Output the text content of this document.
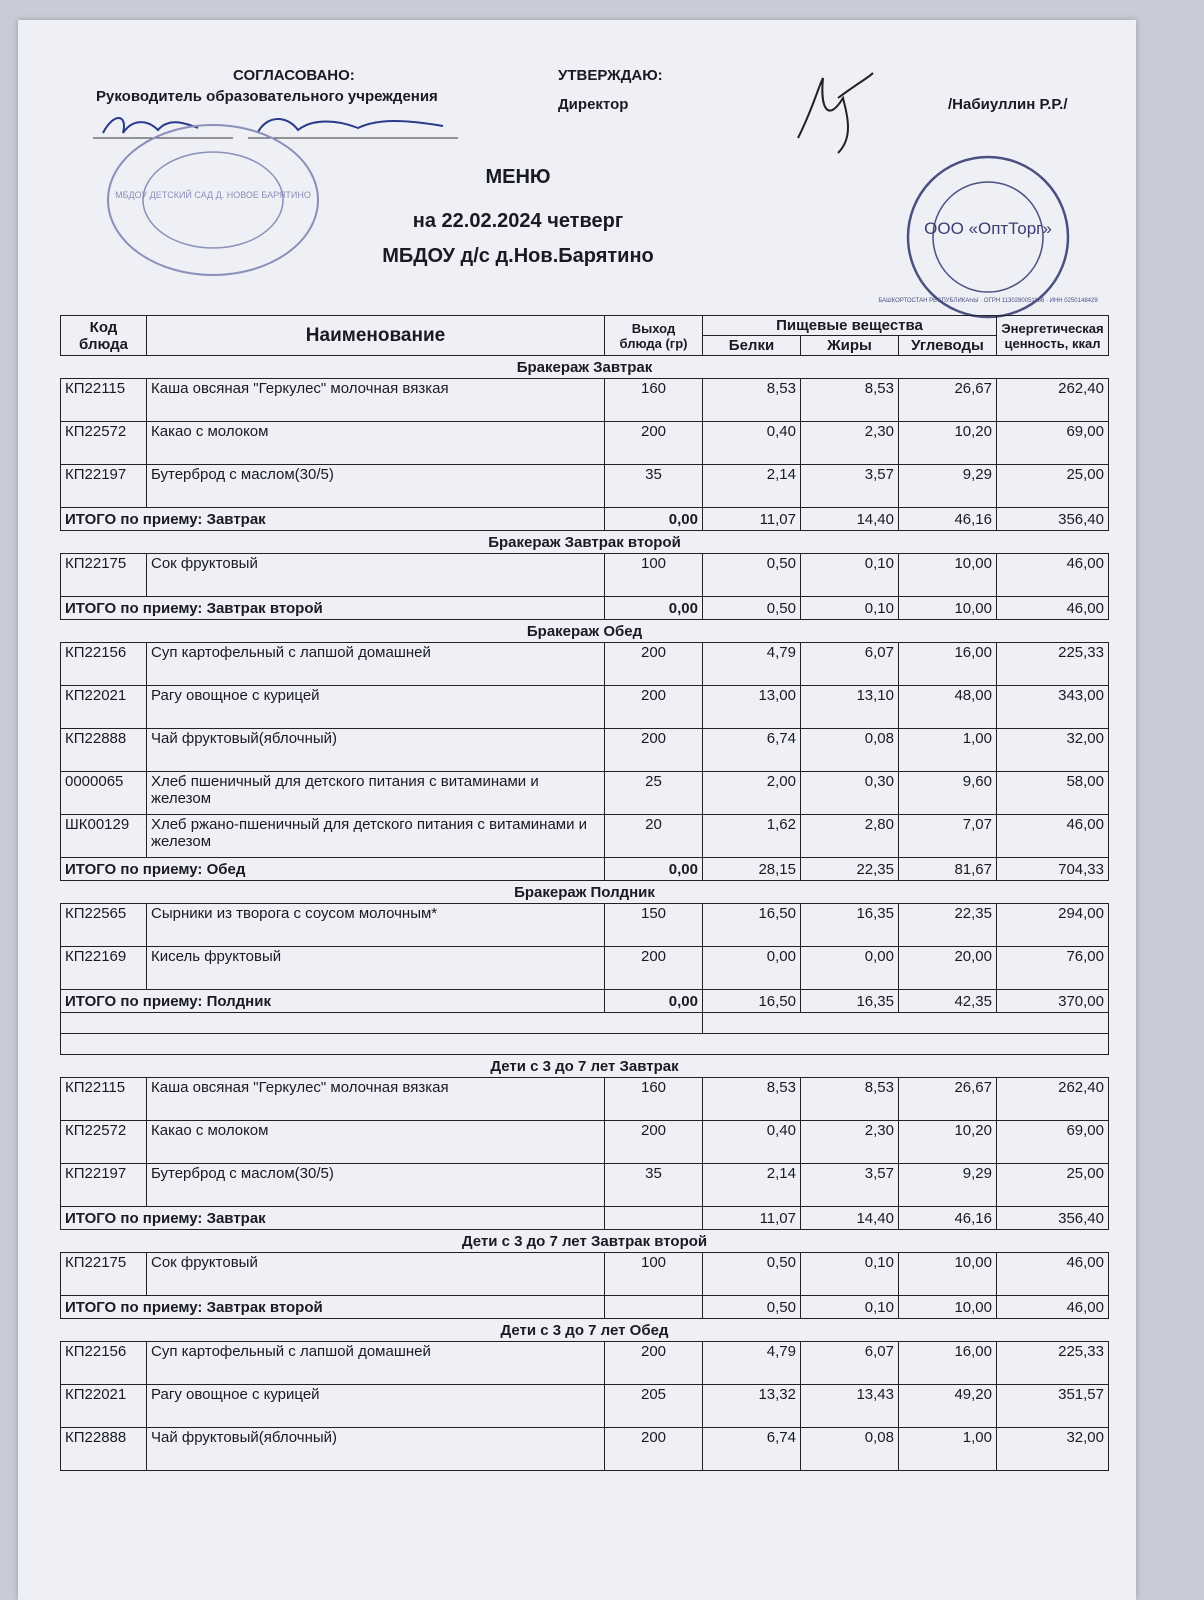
СОГЛАСОВАНО:
Руководитель образовательного учреждения
УТВЕРЖДАЮ:
Директор	/Набиуллин Р.Р./
МБДОУ ДЕТСКИЙ САД Д. НОВОЕ БАРЯТИНО
ООО «ОптТорг»
БАШКОРТОСТАН РЕСПУБЛИКАҺЫ · ОГРН 1130280051186 · ИНН 0250148429
МЕНЮ
на 22.02.2024 четверг
МБДОУ д/с д.Нов.Барятино
Код блюда	Наименование	Выход блюда (гр)	Пищевые вещества			Энергетическая ценность, ккал
			Белки	Жиры	Углеводы	
Бракераж Завтрак						
КП22115	Каша овсяная "Геркулес" молочная вязкая	160	8,53	8,53	26,67	262,40
КП22572	Какао с молоком	200	0,40	2,30	10,20	69,00
КП22197	Бутерброд с маслом(30/5)	35	2,14	3,57	9,29	25,00
ИТОГО по приему: Завтрак		0,00	11,07	14,40	46,16	356,40
Бракераж Завтрак второй						
КП22175	Сок фруктовый	100	0,50	0,10	10,00	46,00
ИТОГО по приему: Завтрак второй		0,00	0,50	0,10	10,00	46,00
Бракераж Обед						
КП22156	Суп картофельный с лапшой домашней	200	4,79	6,07	16,00	225,33
КП22021	Рагу овощное с курицей	200	13,00	13,10	48,00	343,00
КП22888	Чай фруктовый(яблочный)	200	6,74	0,08	1,00	32,00
0000065	Хлеб пшеничный для детского питания с витаминами и железом	25	2,00	0,30	9,60	58,00
ШК00129	Хлеб ржано-пшеничный для детского питания с витаминами и железом	20	1,62	2,80	7,07	46,00
ИТОГО по приему: Обед		0,00	28,15	22,35	81,67	704,33
Бракераж Полдник						
КП22565	Сырники из творога с соусом молочным*	150	16,50	16,35	22,35	294,00
КП22169	Кисель фруктовый	200	0,00	0,00	20,00	76,00
ИТОГО по приему: Полдник		0,00	16,50	16,35	42,35	370,00

Дети с 3 до 7 лет Завтрак						
КП22115	Каша овсяная "Геркулес" молочная вязкая	160	8,53	8,53	26,67	262,40
КП22572	Какао с молоком	200	0,40	2,30	10,20	69,00
КП22197	Бутерброд с маслом(30/5)	35	2,14	3,57	9,29	25,00
ИТОГО по приему: Завтрак			11,07	14,40	46,16	356,40
Дети с 3 до 7 лет Завтрак второй						
КП22175	Сок фруктовый	100	0,50	0,10	10,00	46,00
ИТОГО по приему: Завтрак второй			0,50	0,10	10,00	46,00
Дети с 3 до 7 лет Обед						
КП22156	Суп картофельный с лапшой домашней	200	4,79	6,07	16,00	225,33
КП22021	Рагу овощное с курицей	205	13,32	13,43	49,20	351,57
КП22888	Чай фруктовый(яблочный)	200	6,74	0,08	1,00	32,00
